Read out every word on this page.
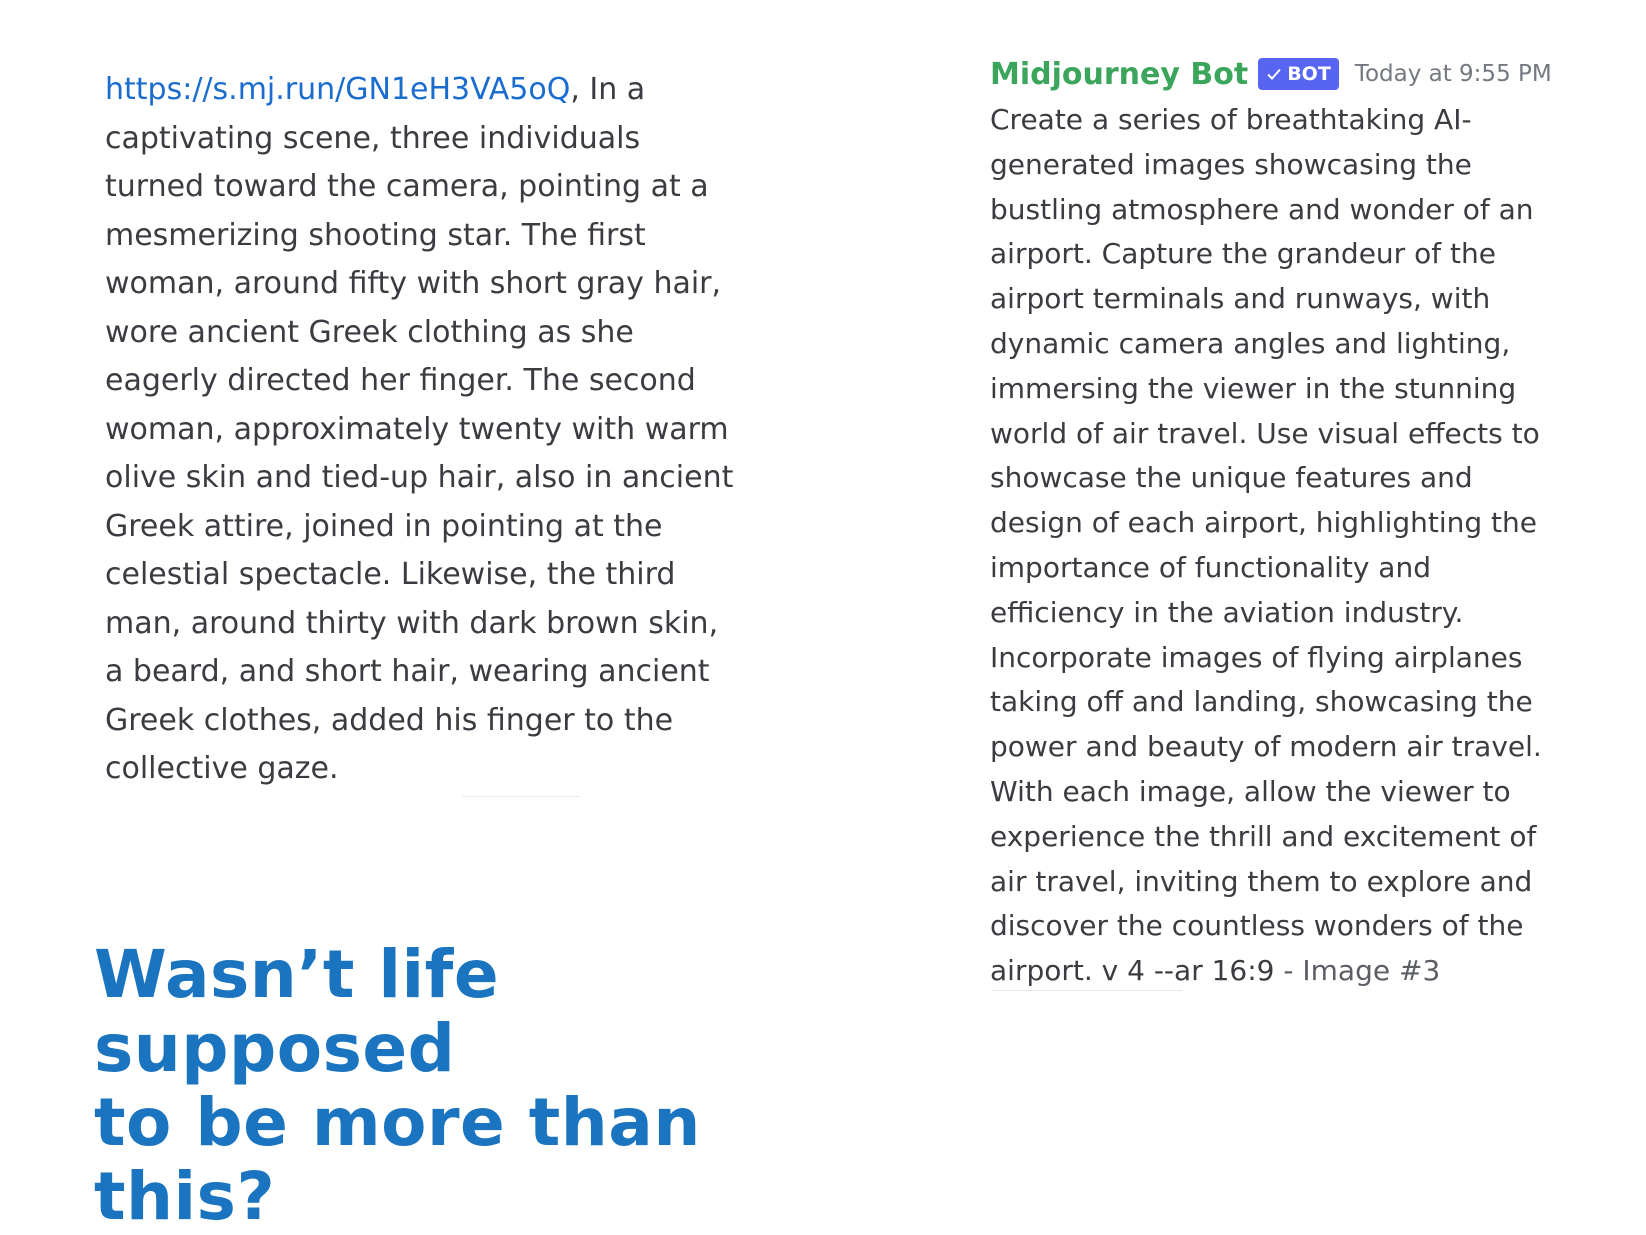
https://s.mj.run/GN1eH3VA5oQ, In a captivating scene, three individuals turned toward the camera, pointing at a mesmerizing shooting star. The first woman, around fifty with short gray hair, wore ancient Greek clothing as she eagerly directed her finger. The second woman, approximately twenty with warm olive skin and tied-up hair, also in ancient Greek attire, joined in pointing at the celestial spectacle. Likewise, the third man, around thirty with dark brown skin, a beard, and short hair, wearing ancient Greek clothes, added his finger to the collective gaze.
Wasn’t life supposed
to be more than this?
Midjourney Bot BOT Today at 9:55 PM
Create a series of breathtaking AI-generated images showcasing the bustling atmosphere and wonder of an airport. Capture the grandeur of the airport terminals and runways, with dynamic camera angles and lighting, immersing the viewer in the stunning world of air travel. Use visual effects to showcase the unique features and design of each airport, highlighting the importance of functionality and efficiency in the aviation industry. Incorporate images of flying airplanes taking off and landing, showcasing the power and beauty of modern air travel. With each image, allow the viewer to experience the thrill and excitement of air travel, inviting them to explore and discover the countless wonders of the airport. v 4 --ar 16:9 - Image #3
